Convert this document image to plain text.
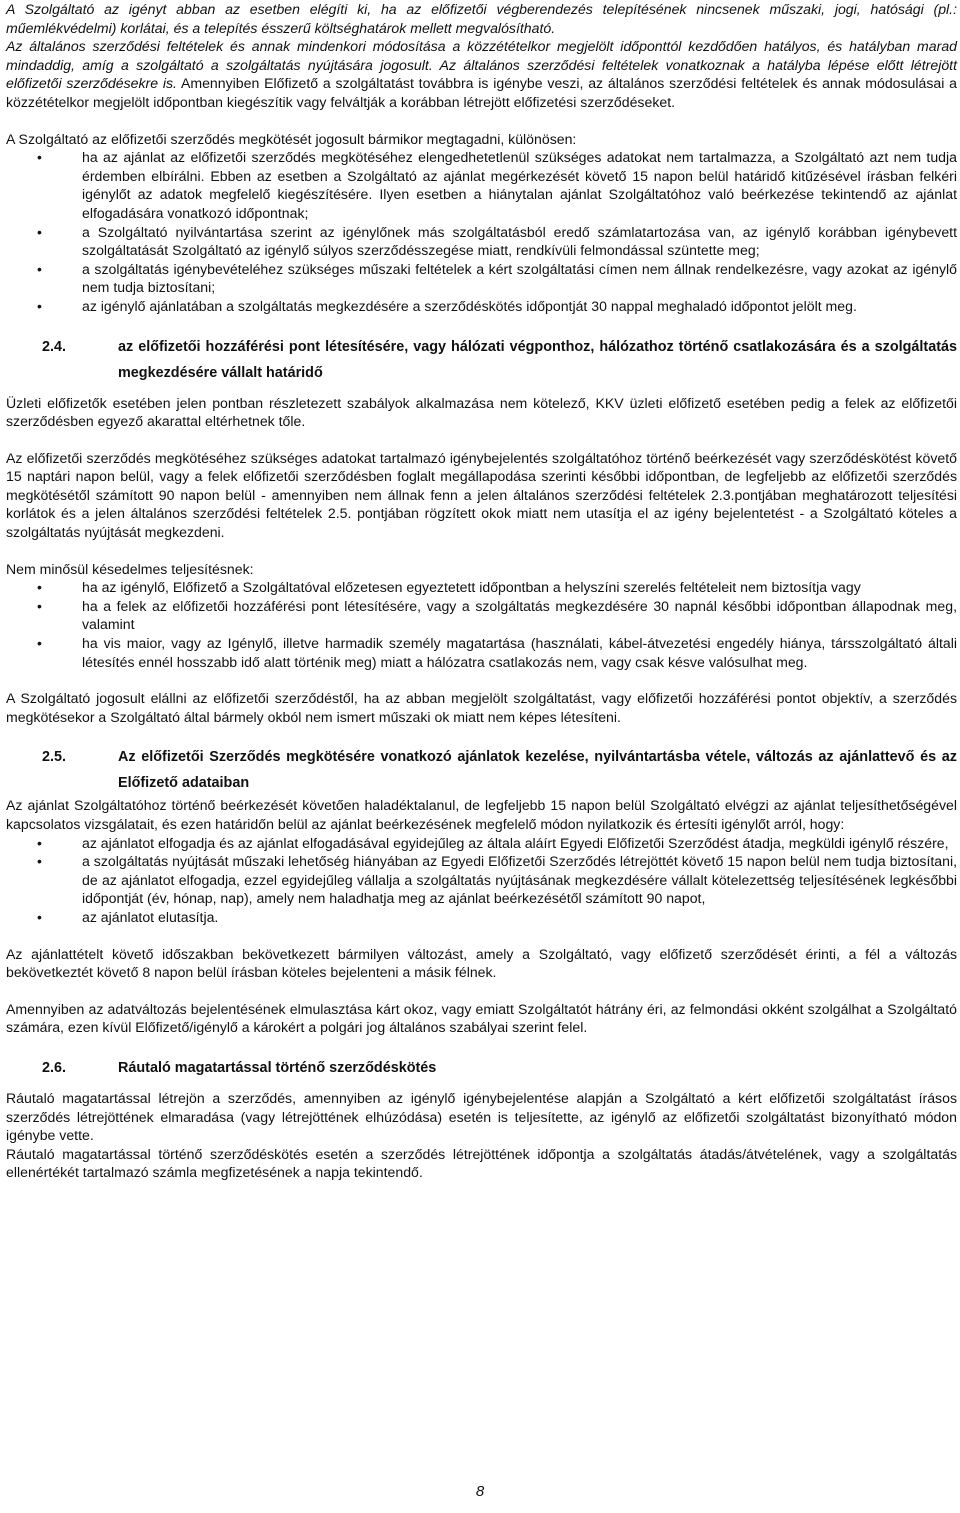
A Szolgáltató az igényt abban az esetben elégíti ki, ha az előfizetői végberendezés telepítésének nincsenek műszaki, jogi, hatósági (pl.: műemlékvédelmi) korlátai, és a telepítés ésszerű költséghatárok mellett megvalósítható.

Az általános szerződési feltételek és annak mindenkori módosítása a közzétételkor megjelölt időponttól kezdődően hatályos, és hatályban marad mindaddig, amíg a szolgáltató a szolgáltatás nyújtására jogosult. Az általános szerződési feltételek vonatkoznak a hatályba lépése előtt létrejött előfizetői szerződésekre is. Amennyiben Előfizető a szolgáltatást továbbra is igénybe veszi, az általános szerződési feltételek és annak módosulásai a közzétételkor megjelölt időpontban kiegészítik vagy felváltják a korábban létrejött előfizetési szerződéseket.

A Szolgáltató az előfizetői szerződés megkötését jogosult bármikor megtagadni, különösen:

•	ha az ajánlat az előfizetői szerződés megkötéséhez elengedhetetlenül szükséges adatokat nem tartalmazza, a Szolgáltató azt nem tudja érdemben elbírálni. Ebben az esetben a Szolgáltató az ajánlat megérkezését követő 15 napon belül határidő kitűzésével írásban felkéri igénylőt az adatok megfelelő kiegészítésére. Ilyen esetben a hiánytalan ajánlat Szolgáltatóhoz való beérkezése tekintendő az ajánlat elfogadására vonatkozó időpontnak;
•	a Szolgáltató nyilvántartása szerint az igénylőnek más szolgáltatásból eredő számlatartozása van, az igénylő korábban igénybevett szolgáltatását Szolgáltató az igénylő súlyos szerződésszegése miatt, rendkívüli felmondással szüntette meg;
•	a szolgáltatás igénybevételéhez szükséges műszaki feltételek a kért szolgáltatási címen nem állnak rendelkezésre, vagy azokat az igénylő nem tudja biztosítani;
•	az igénylő ajánlatában a szolgáltatás megkezdésére a szerződéskötés időpontját 30 nappal meghaladó időpontot jelölt meg.
2.4.	az előfizetői hozzáférési pont létesítésére, vagy hálózati végponthoz, hálózathoz történő csatlakozására és a szolgáltatás megkezdésére vállalt határidő

Üzleti előfizetők esetében jelen pontban részletezett szabályok alkalmazása nem kötelező, KKV üzleti előfizető esetében pedig a felek az előfizetői szerződésben egyező akarattal eltérhetnek tőle.

Az előfizetői szerződés megkötéséhez szükséges adatokat tartalmazó igénybejelentés szolgáltatóhoz történő beérkezését vagy szerződéskötést követő 15 naptári napon belül, vagy a felek előfizetői szerződésben foglalt megállapodása szerinti későbbi időpontban, de legfeljebb az előfizetői szerződés megkötésétől számított 90 napon belül - amennyiben nem állnak fenn a jelen általános szerződési feltételek 2.3.pontjában meghatározott teljesítési korlátok és a jelen általános szerződési feltételek 2.5. pontjában rögzített okok miatt nem utasítja el az igény bejelentetést - a Szolgáltató köteles a szolgáltatás nyújtását megkezdeni.

Nem minősül késedelmes teljesítésnek:

•	ha az igénylő, Előfizető a Szolgáltatóval előzetesen egyeztetett időpontban a helyszíni szerelés feltételeit nem biztosítja vagy
•	ha a felek az előfizetői hozzáférési pont létesítésére, vagy a szolgáltatás megkezdésére 30 napnál későbbi időpontban állapodnak meg, valamint
•	ha vis maior, vagy az Igénylő, illetve harmadik személy magatartása (használati, kábel-átvezetési engedély hiánya, társszolgáltató általi létesítés ennél hosszabb idő alatt történik meg) miatt a hálózatra csatlakozás nem, vagy csak késve valósulhat meg.

A Szolgáltató jogosult elállni az előfizetői szerződéstől, ha az abban megjelölt szolgáltatást, vagy előfizetői hozzáférési pontot objektív, a szerződés megkötésekor a Szolgáltató által bármely okból nem ismert műszaki ok miatt nem képes létesíteni.

2.5.	Az előfizetői Szerződés megkötésére vonatkozó ajánlatok kezelése, nyilvántartásba vétele, változás az ajánlattevő és az Előfizető adataiban

Az ajánlat Szolgáltatóhoz történő beérkezését követően haladéktalanul, de legfeljebb 15 napon belül Szolgáltató elvégzi az ajánlat teljesíthetőségével kapcsolatos vizsgálatait, és ezen határidőn belül az ajánlat beérkezésének megfelelő módon nyilatkozik és értesíti igénylőt arról, hogy:

•	az ajánlatot elfogadja és az ajánlat elfogadásával egyidejűleg az általa aláírt Egyedi Előfizetői Szerződést átadja, megküldi igénylő részére,
•	a szolgáltatás nyújtását műszaki lehetőség hiányában az Egyedi Előfizetői Szerződés létrejöttét követő 15 napon belül nem tudja biztosítani, de az ajánlatot elfogadja, ezzel egyidejűleg vállalja a szolgáltatás nyújtásának megkezdésére vállalt kötelezettség teljesítésének legkésőbbi időpontját (év, hónap, nap), amely nem haladhatja meg az ajánlat beérkezésétől számított 90 napot,
•	az ajánlatot elutasítja.

Az ajánlattételt követő időszakban bekövetkezett bármilyen változást, amely a Szolgáltató, vagy előfizető szerződését érinti, a fél a változás bekövetkeztét követő 8 napon belül írásban köteles bejelenteni a másik félnek.

Amennyiben az adatváltozás bejelentésének elmulasztása kárt okoz, vagy emiatt Szolgáltatót hátrány éri, az felmondási okként szolgálhat a Szolgáltató számára, ezen kívül Előfizető/igénylő a károkért a polgári jog általános szabályai szerint felel.

2.6.	Ráutaló magatartással történő szerződéskötés

Ráutaló magatartással létrejön a szerződés, amennyiben az igénylő igénybejelentése alapján a Szolgáltató a kért előfizetői szolgáltatást írásos szerződés létrejöttének elmaradása (vagy létrejöttének elhúzódása) esetén is teljesítette, az igénylő az előfizetői szolgáltatást bizonyítható módon igénybe vette.

Ráutaló magatartással történő szerződéskötés esetén a szerződés létrejöttének időpontja a szolgáltatás átadás/átvételének, vagy a szolgáltatás ellenértékét tartalmazó számla megfizetésének a napja tekintendő.

8
